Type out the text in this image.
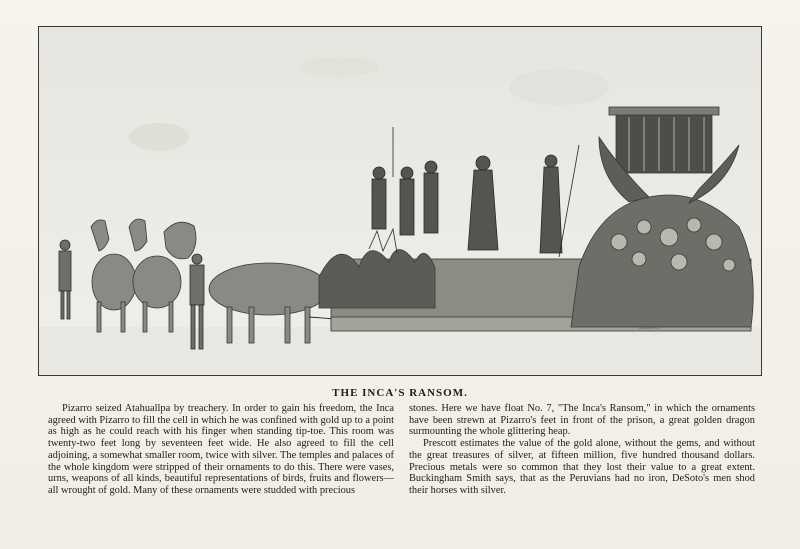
ENGRAVED FOR ...
THE INCA'S RANSOM.

Pizarro seized Atahuallpa by treachery. In order to gain his freedom, the Inca agreed with Pizarro to fill the cell in which he was confined with gold up to a point as high as he could reach with his finger when standing tip-toe. This room was twenty-two feet long by seventeen feet wide. He also agreed to fill the cell adjoining, a somewhat smaller room, twice with silver. The temples and palaces of the whole kingdom were stripped of their ornaments to do this. There were vases, urns, weapons of all kinds, beautiful representations of birds, fruits and flowers—all wrought of gold. Many of these ornaments were studded with precious

stones. Here we have float No. 7, "The Inca's Ransom," in which the ornaments have been strewn at Pizarro's feet in front of the prison, a great golden dragon surmounting the whole glittering heap.

Prescott estimates the value of the gold alone, without the gems, and without the great treasures of silver, at fifteen million, five hundred thousand dollars. Precious metals were so common that they lost their value to a great extent. Buckingham Smith says, that as the Peruvians had no iron, DeSoto's men shod their horses with silver.
